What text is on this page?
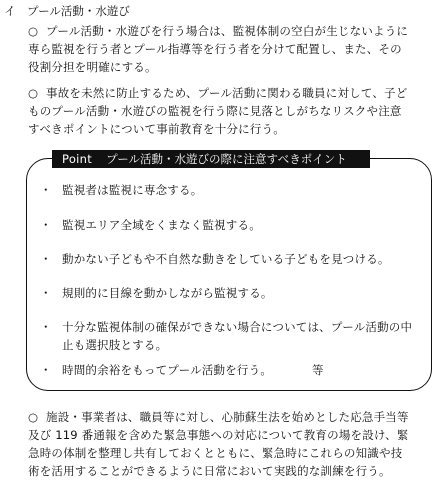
イ　プール活動・水遊び
○ プール活動・水遊びを行う場合は、監視体制の空白が生じないように
専ら監視を行う者とプール指導等を行う者を分けて配置し、また、その
役割分担を明確にする。
○ 事故を未然に防止するため、プール活動に関わる職員に対して、子ど
ものプール活動・水遊びの監視を行う際に見落としがちなリスクや注意
すべきポイントについて事前教育を十分に行う。
Point プール活動・水遊びの際に注意すべきポイント
・ 監視者は監視に専念する。
・ 監視エリア全域をくまなく監視する。
・ 動かない子どもや不自然な動きをしている子どもを見つける。
・ 規則的に目線を動かしながら監視する。
・ 十分な監視体制の確保ができない場合については、プール活動の中
止も選択肢とする。
・ 時間的余裕をもってプール活動を行う。	等
○ 施設・事業者は、職員等に対し、心肺蘇生法を始めとした応急手当等
及び 119 番通報を含めた緊急事態への対応について教育の場を設け、緊
急時の体制を整理し共有しておくとともに、緊急時にこれらの知識や技
術を活用することができるように日常において実践的な訓練を行う。
